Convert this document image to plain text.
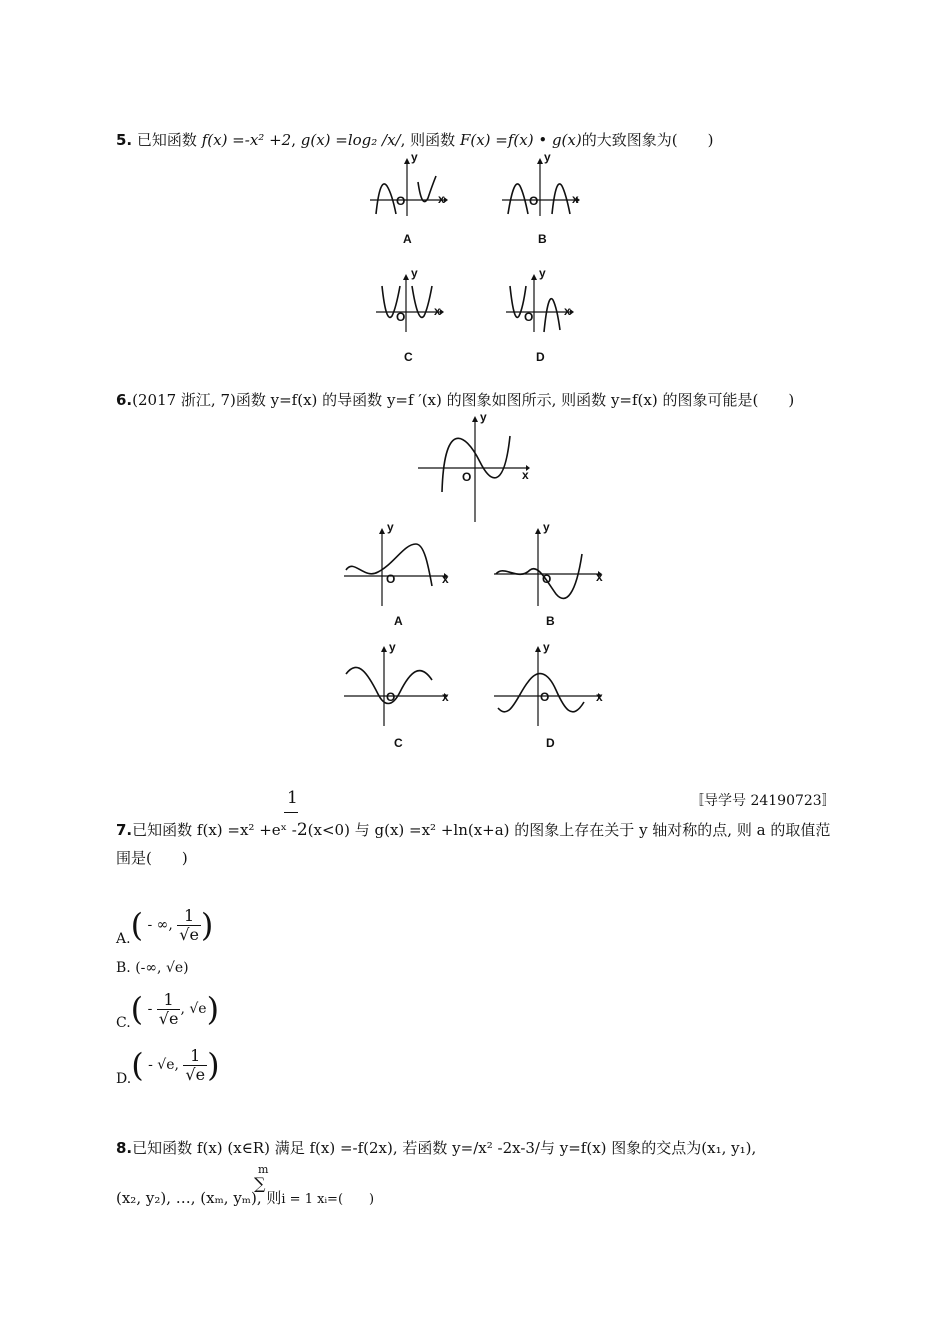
5. 已知函数 f(x) =-x² +2, g(x) =log₂ /x/, 则函数 F(x) =f(x) • g(x)的大致图象为(　　)
y
O	x
A
y
O	x
B
y
O x
C
y
O	x
D
6.(2017 浙江, 7)函数 y=f(x) 的导函数 y=f ′(x) 的图象如图所示, 则函数 y=f(x) 的图象可能是(　　)
y
O	x
y
O	x
A
y
O	x
B
y
O	x
C
y
O	x
D
〚导学号 24190723〛
1
7.已知函数 f(x) =x² +eˣ -2(x<0) 与 g(x) =x² +ln(x+a) 的图象上存在关于 y 轴对称的点, 则 a 的取值范
围是(　　)
A.( - ∞, $\frac{1}{√e}$ )
B. (-∞, √e)
$C.( - \frac{1}{√e}$ , √e)
D.( - √e, $\frac{1}{√e}$ )
8.已知函数 f(x) (x∈R) 满足 f(x) =-f(2x), 若函数 y=/x² -2x-3/与 y=f(x) 图象的交点为(x₁, y₁),
m
∑
(x₂, y₂), …, (xₘ, yₘ), 则i = 1 xᵢ=(　　)
